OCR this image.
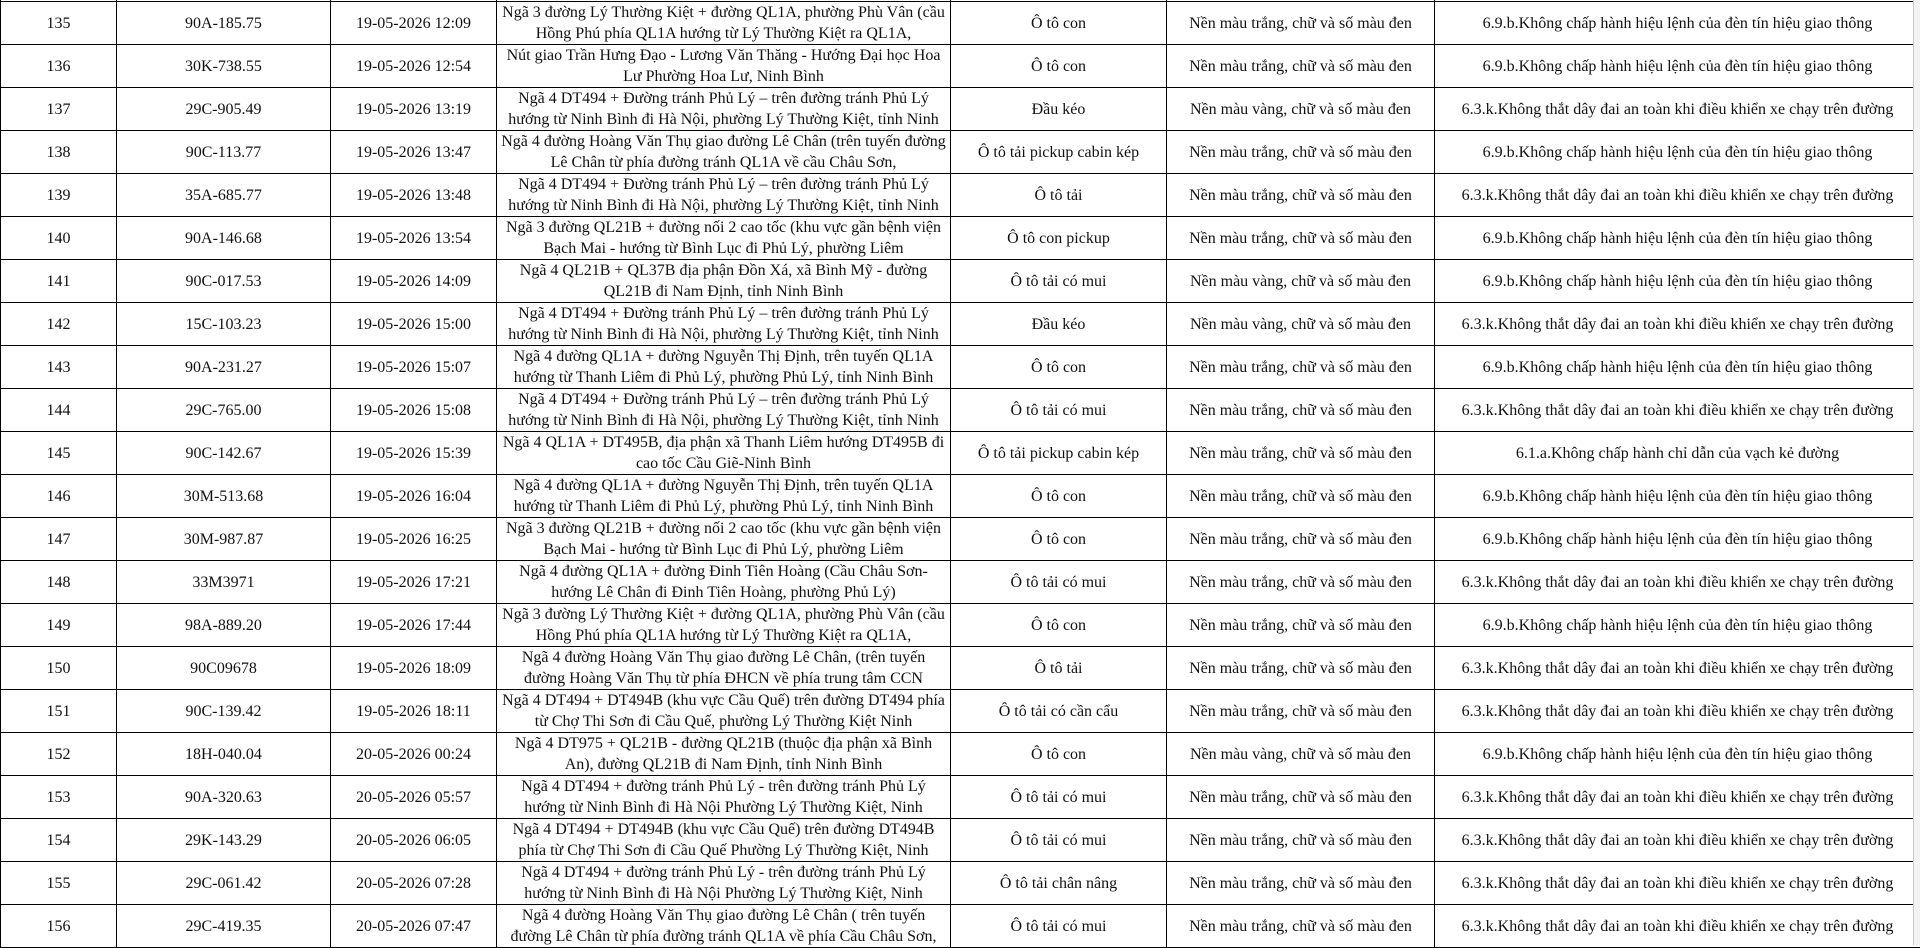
135	90A-185.75	19-05-2026 12:09	Ngã 3 đường Lý Thường Kiệt + đường QL1A, phường Phù Vân (cầu Hồng Phú phía QL1A hướng từ Lý Thường Kiệt ra QL1A,	Ô tô con	Nền màu trắng, chữ và số màu đen	6.9.b.Không chấp hành hiệu lệnh của đèn tín hiệu giao thông
136	30K-738.55	19-05-2026 12:54	Nút giao Trần Hưng Đạo - Lương Văn Thăng - Hướng Đại học Hoa Lư Phường Hoa Lư, Ninh Bình	Ô tô con	Nền màu trắng, chữ và số màu đen	6.9.b.Không chấp hành hiệu lệnh của đèn tín hiệu giao thông
137	29C-905.49	19-05-2026 13:19	Ngã 4 DT494 + Đường tránh Phủ Lý – trên đường tránh Phủ Lý hướng từ Ninh Bình đi Hà Nội, phường Lý Thường Kiệt, tỉnh Ninh	Đầu kéo	Nền màu vàng, chữ và số màu đen	6.3.k.Không thắt dây đai an toàn khi điều khiển xe chạy trên đường
138	90C-113.77	19-05-2026 13:47	Ngã 4 đường Hoàng Văn Thụ giao đường Lê Chân (trên tuyến đường Lê Chân từ phía đường tránh QL1A về cầu Châu Sơn,	Ô tô tải pickup cabin kép	Nền màu trắng, chữ và số màu đen	6.9.b.Không chấp hành hiệu lệnh của đèn tín hiệu giao thông
139	35A-685.77	19-05-2026 13:48	Ngã 4 DT494 + Đường tránh Phủ Lý – trên đường tránh Phủ Lý hướng từ Ninh Bình đi Hà Nội, phường Lý Thường Kiệt, tỉnh Ninh	Ô tô tải	Nền màu trắng, chữ và số màu đen	6.3.k.Không thắt dây đai an toàn khi điều khiển xe chạy trên đường
140	90A-146.68	19-05-2026 13:54	Ngã 3 đường QL21B + đường nối 2 cao tốc (khu vực gần bệnh viện Bạch Mai - hướng từ Bình Lục đi Phủ Lý, phường Liêm	Ô tô con pickup	Nền màu trắng, chữ và số màu đen	6.9.b.Không chấp hành hiệu lệnh của đèn tín hiệu giao thông
141	90C-017.53	19-05-2026 14:09	Ngã 4 QL21B + QL37B địa phận Đồn Xá, xã Bình Mỹ - đường QL21B đi Nam Định, tỉnh Ninh Bình	Ô tô tải có mui	Nền màu vàng, chữ và số màu đen	6.9.b.Không chấp hành hiệu lệnh của đèn tín hiệu giao thông
142	15C-103.23	19-05-2026 15:00	Ngã 4 DT494 + Đường tránh Phủ Lý – trên đường tránh Phủ Lý hướng từ Ninh Bình đi Hà Nội, phường Lý Thường Kiệt, tỉnh Ninh	Đầu kéo	Nền màu vàng, chữ và số màu đen	6.3.k.Không thắt dây đai an toàn khi điều khiển xe chạy trên đường
143	90A-231.27	19-05-2026 15:07	Ngã 4 đường QL1A + đường Nguyễn Thị Định, trên tuyến QL1A hướng từ Thanh Liêm đi Phủ Lý, phường Phủ Lý, tỉnh Ninh Bình	Ô tô con	Nền màu trắng, chữ và số màu đen	6.9.b.Không chấp hành hiệu lệnh của đèn tín hiệu giao thông
144	29C-765.00	19-05-2026 15:08	Ngã 4 DT494 + Đường tránh Phủ Lý – trên đường tránh Phủ Lý hướng từ Ninh Bình đi Hà Nội, phường Lý Thường Kiệt, tỉnh Ninh	Ô tô tải có mui	Nền màu trắng, chữ và số màu đen	6.3.k.Không thắt dây đai an toàn khi điều khiển xe chạy trên đường
145	90C-142.67	19-05-2026 15:39	Ngã 4 QL1A + DT495B, địa phận xã Thanh Liêm hướng DT495B đi cao tốc Cầu Giẽ-Ninh Bình	Ô tô tải pickup cabin kép	Nền màu trắng, chữ và số màu đen	6.1.a.Không chấp hành chỉ dẫn của vạch kẻ đường
146	30M-513.68	19-05-2026 16:04	Ngã 4 đường QL1A + đường Nguyễn Thị Định, trên tuyến QL1A hướng từ Thanh Liêm đi Phủ Lý, phường Phủ Lý, tỉnh Ninh Bình	Ô tô con	Nền màu trắng, chữ và số màu đen	6.9.b.Không chấp hành hiệu lệnh của đèn tín hiệu giao thông
147	30M-987.87	19-05-2026 16:25	Ngã 3 đường QL21B + đường nối 2 cao tốc (khu vực gần bệnh viện Bạch Mai - hướng từ Bình Lục đi Phủ Lý, phường Liêm	Ô tô con	Nền màu trắng, chữ và số màu đen	6.9.b.Không chấp hành hiệu lệnh của đèn tín hiệu giao thông
148	33M3971	19-05-2026 17:21	Ngã 4 đường QL1A + đường Đinh Tiên Hoàng (Cầu Châu Sơn-hướng Lê Chân đi Đinh Tiên Hoàng, phường Phủ Lý)	Ô tô tải có mui	Nền màu trắng, chữ và số màu đen	6.3.k.Không thắt dây đai an toàn khi điều khiển xe chạy trên đường
149	98A-889.20	19-05-2026 17:44	Ngã 3 đường Lý Thường Kiệt + đường QL1A, phường Phù Vân (cầu Hồng Phú phía QL1A hướng từ Lý Thường Kiệt ra QL1A,	Ô tô con	Nền màu trắng, chữ và số màu đen	6.9.b.Không chấp hành hiệu lệnh của đèn tín hiệu giao thông
150	90C09678	19-05-2026 18:09	Ngã 4 đường Hoàng Văn Thụ giao đường Lê Chân, (trên tuyến đường Hoàng Văn Thụ từ phía ĐHCN về phía trung tâm CCN	Ô tô tải	Nền màu trắng, chữ và số màu đen	6.3.k.Không thắt dây đai an toàn khi điều khiển xe chạy trên đường
151	90C-139.42	19-05-2026 18:11	Ngã 4 DT494 + DT494B (khu vực Cầu Quế) trên đường DT494 phía từ Chợ Thi Sơn đi Cầu Quế, phường Lý Thường Kiệt Ninh	Ô tô tải có cần cẩu	Nền màu trắng, chữ và số màu đen	6.3.k.Không thắt dây đai an toàn khi điều khiển xe chạy trên đường
152	18H-040.04	20-05-2026 00:24	Ngã 4 DT975 + QL21B - đường QL21B (thuộc địa phận xã Bình An), đường QL21B đi Nam Định, tỉnh Ninh Bình	Ô tô con	Nền màu vàng, chữ và số màu đen	6.9.b.Không chấp hành hiệu lệnh của đèn tín hiệu giao thông
153	90A-320.63	20-05-2026 05:57	Ngã 4 DT494 + đường tránh Phủ Lý - trên đường tránh Phủ Lý hướng từ Ninh Bình đi Hà Nội Phường Lý Thường Kiệt, Ninh	Ô tô tải có mui	Nền màu trắng, chữ và số màu đen	6.3.k.Không thắt dây đai an toàn khi điều khiển xe chạy trên đường
154	29K-143.29	20-05-2026 06:05	Ngã 4 DT494 + DT494B (khu vực Cầu Quế) trên đường DT494B phía từ Chợ Thi Sơn đi Cầu Quế Phường Lý Thường Kiệt, Ninh	Ô tô tải có mui	Nền màu trắng, chữ và số màu đen	6.3.k.Không thắt dây đai an toàn khi điều khiển xe chạy trên đường
155	29C-061.42	20-05-2026 07:28	Ngã 4 DT494 + đường tránh Phủ Lý - trên đường tránh Phủ Lý hướng từ Ninh Bình đi Hà Nội Phường Lý Thường Kiệt, Ninh	Ô tô tải chân nâng	Nền màu trắng, chữ và số màu đen	6.3.k.Không thắt dây đai an toàn khi điều khiển xe chạy trên đường
156	29C-419.35	20-05-2026 07:47	Ngã 4 đường Hoàng Văn Thụ giao đường Lê Chân ( trên tuyến đường Lê Chân từ phía đường tránh QL1A về phía Cầu Châu Sơn,	Ô tô tải có mui	Nền màu trắng, chữ và số màu đen	6.3.k.Không thắt dây đai an toàn khi điều khiển xe chạy trên đường
